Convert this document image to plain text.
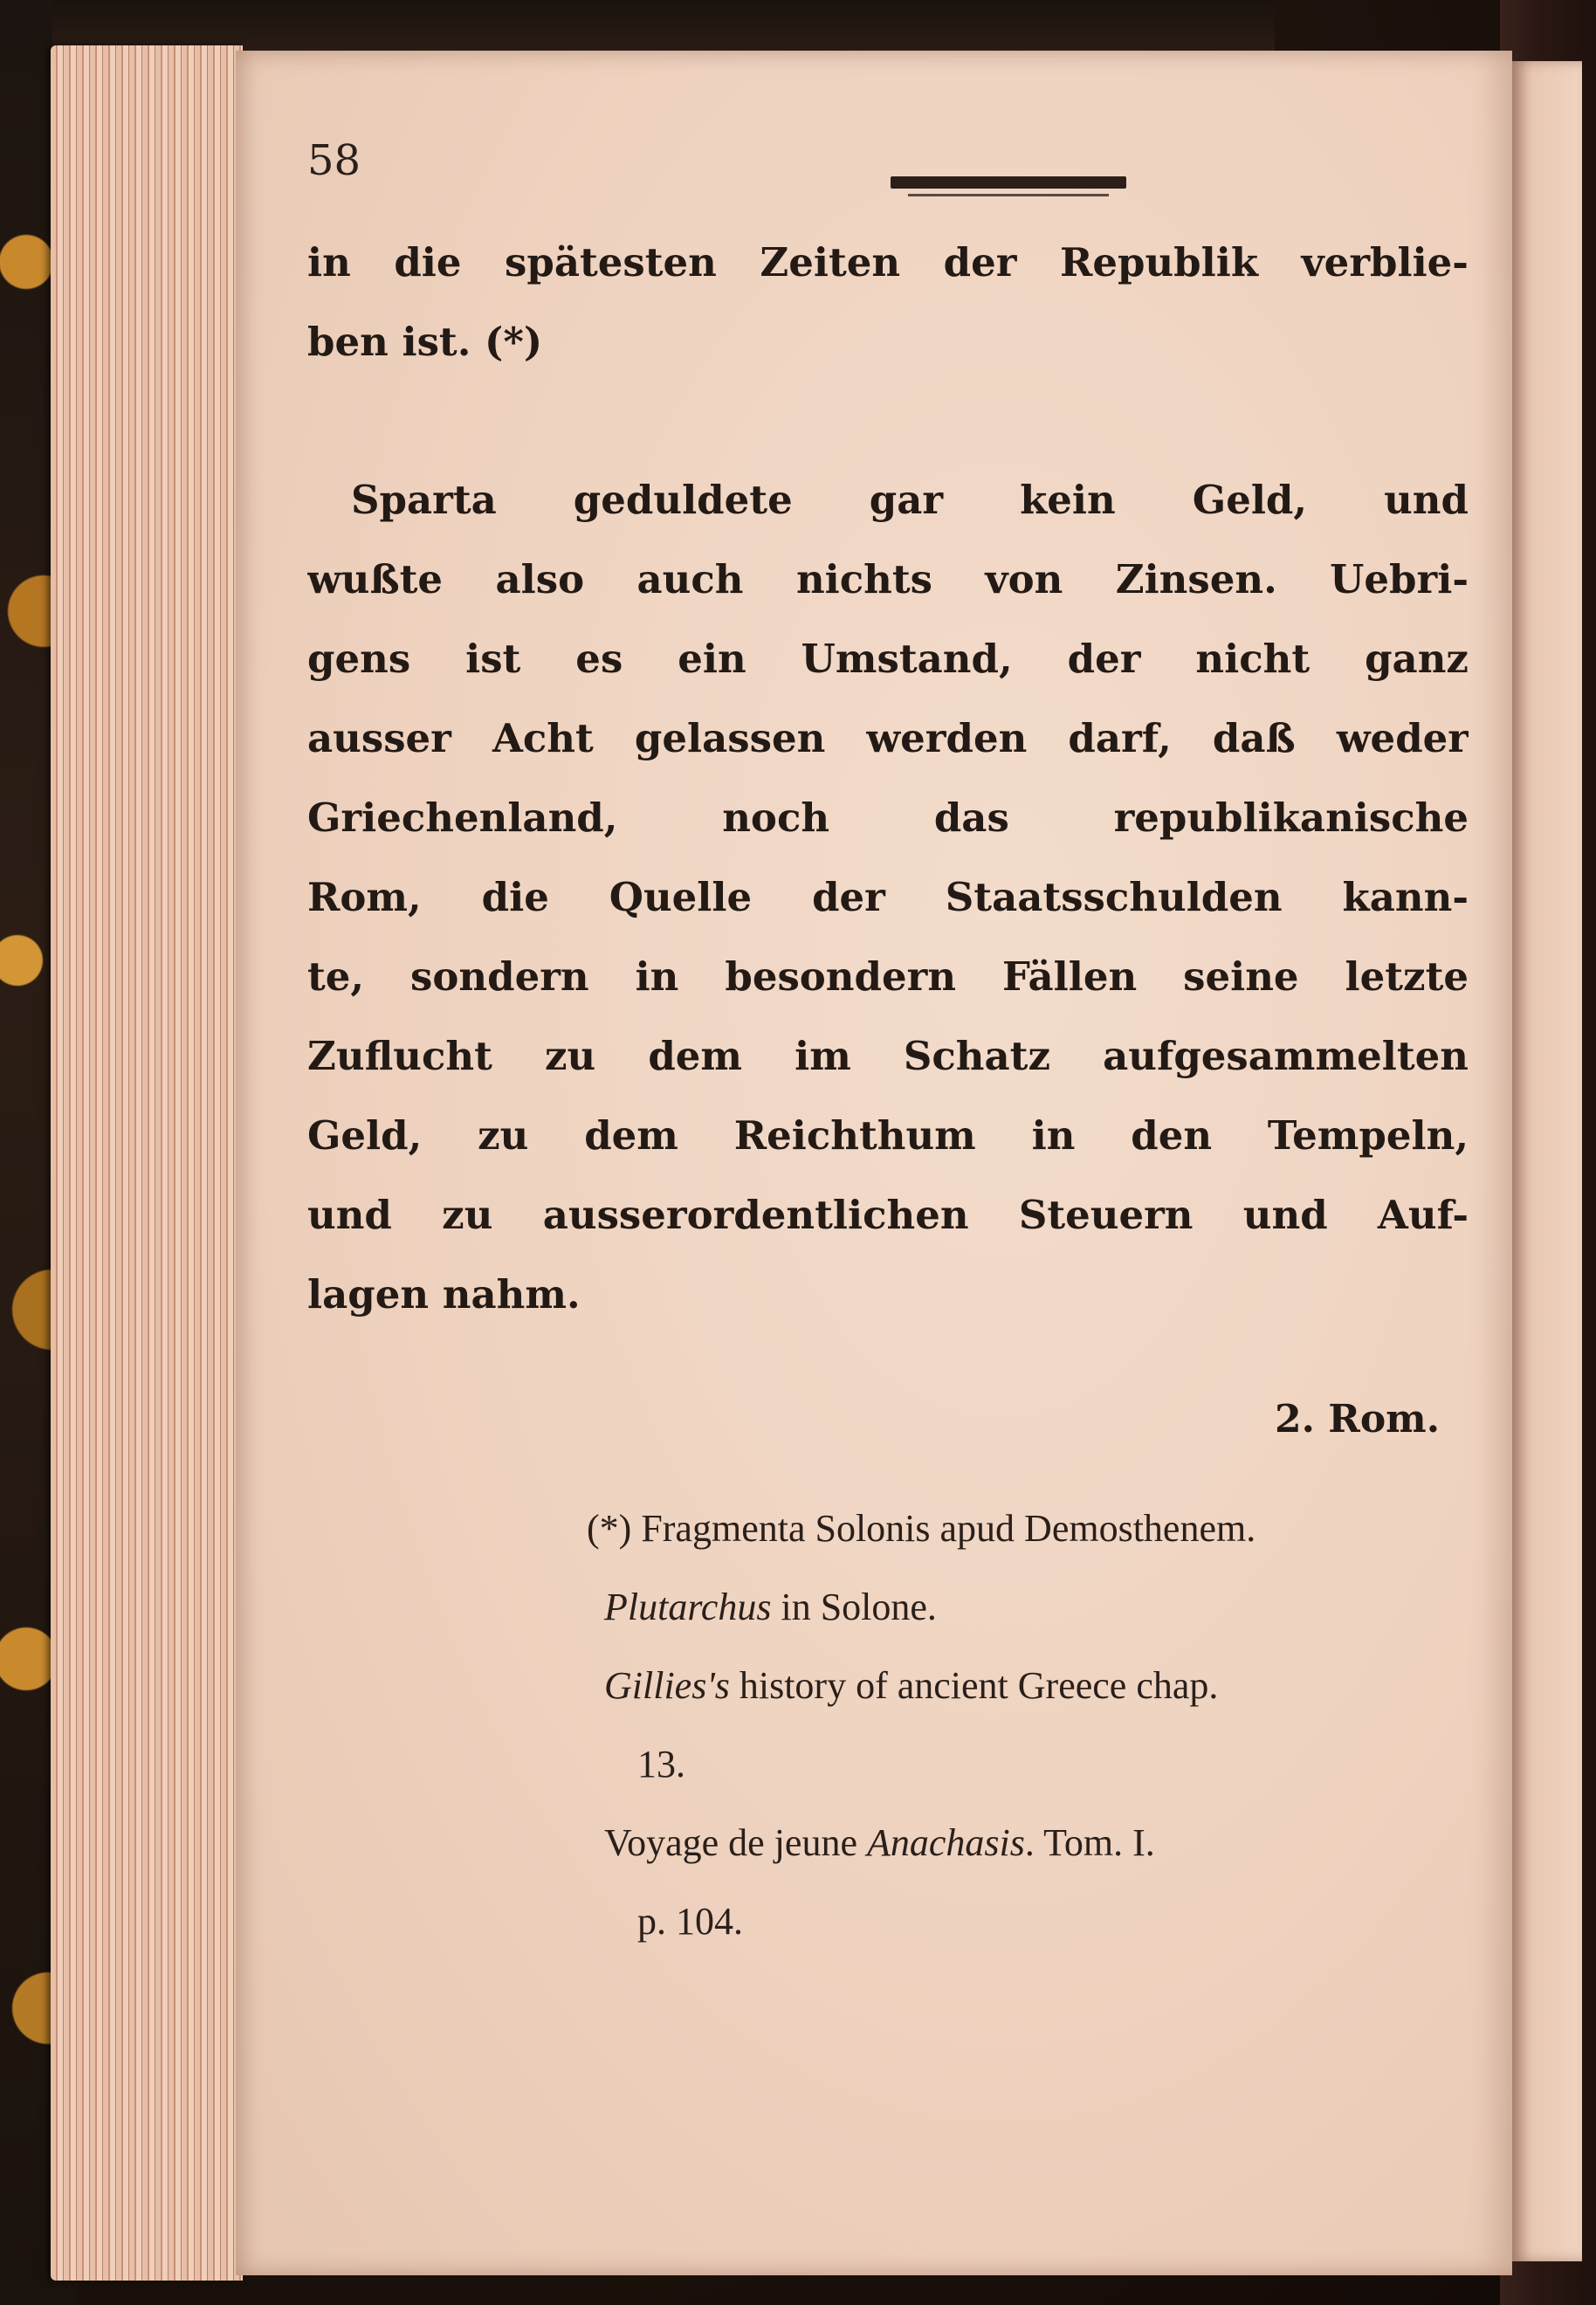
58

in die spätesten Zeiten der Republik verblie-
ben ist. (*)
Sparta geduldete gar kein Geld, und
wußte also auch nichts von Zinsen. Uebri-
gens ist es ein Umstand, der nicht ganz
ausser Acht gelassen werden darf, daß weder
Griechenland, noch das republikanische
Rom, die Quelle der Staatsschulden kann-
te, sondern in besondern Fällen seine letzte
Zuflucht zu dem im Schatz aufgesammelten
Geld, zu dem Reichthum in den Tempeln,
und zu ausserordentlichen Steuern und Auf-
lagen nahm.
2. Rom.
(*) Fragmenta Solonis apud Demosthenem.
Plutarchus in Solone.
Gillies's history of ancient Greece chap.
13.
Voyage de jeune Anachasis. Tom. I.
p. 104.
